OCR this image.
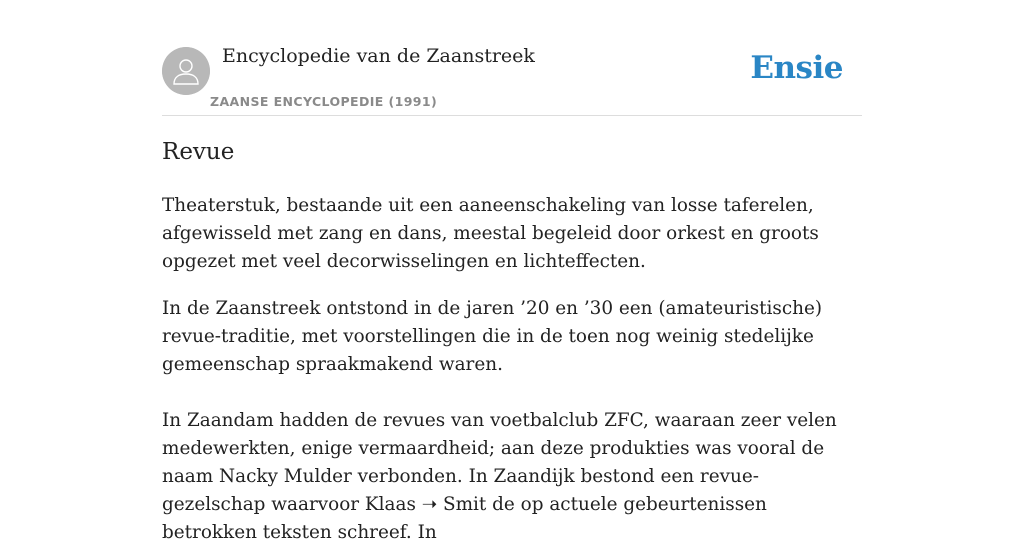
Encyclopedie van de Zaanstreek
ZAANSE ENCYCLOPEDIE (1991)
Ensie
Revue

Theaterstuk, bestaande uit een aaneenschakeling van losse taferelen, afgewisseld met zang en dans, meestal begeleid door orkest en groots opgezet met veel decorwisselingen en lichteffecten.

In de Zaanstreek ontstond in de jaren ’20 en ’30 een (amateuristische) revue-traditie, met voorstellingen die in de toen nog weinig stedelijke gemeenschap spraakmakend waren.

In Zaandam hadden de revues van voetbalclub ZFC, waaraan zeer velen medewerkten, enige vermaardheid; aan deze produkties was vooral de naam Nacky Mulder verbonden. In Zaandijk bestond een revue-gezelschap waarvoor Klaas ➝ Smit de op actuele gebeurtenissen betrokken teksten schreef. In
